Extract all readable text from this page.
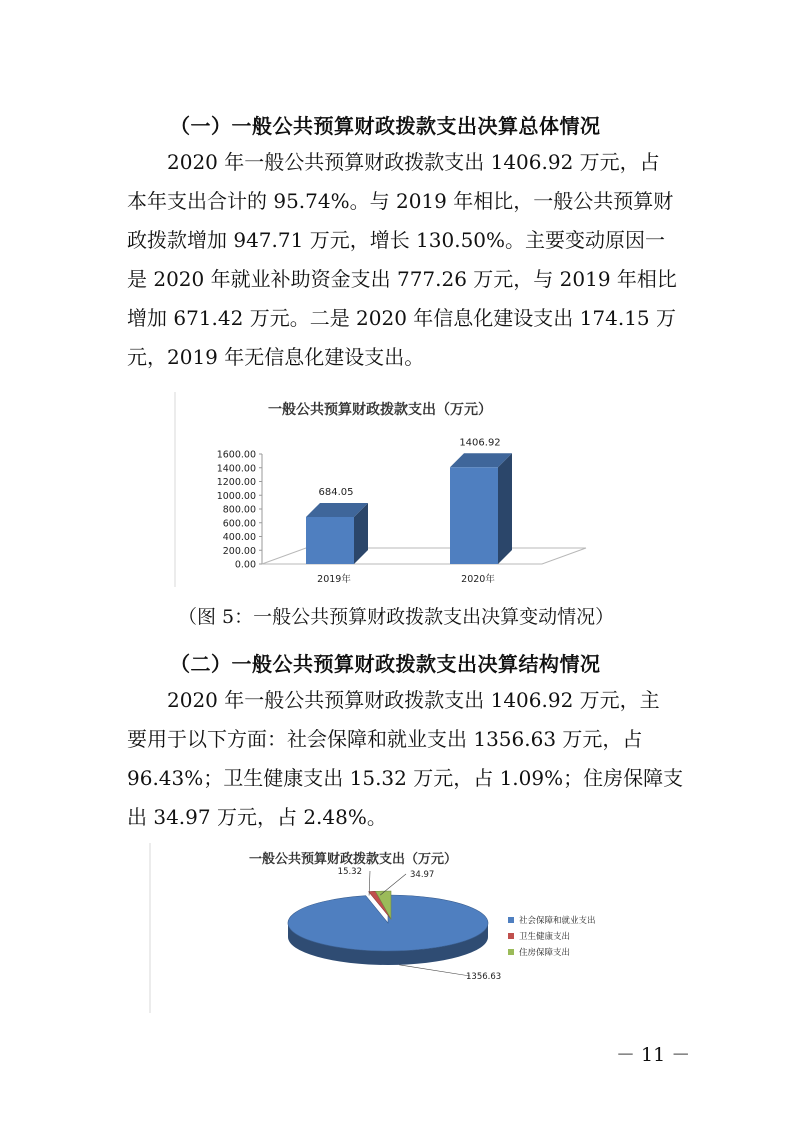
（一）一般公共预算财政拨款支出决算总体情况
　　2020 年一般公共预算财政拨款支出 1406.92 万元，占
本年支出合计的 95.74%。与 2019 年相比，一般公共预算财
政拨款增加 947.71 万元，增长 130.50%。主要变动原因一
是 2020 年就业补助资金支出 777.26 万元，与 2019 年相比
增加 671.42 万元。二是 2020 年信息化建设支出 174.15 万
元，2019 年无信息化建设支出。
一般公共预算财政拨款支出（万元）
0.00
200.00
400.00
600.00
800.00
1000.00
1200.00
1400.00
1600.00
684.05
2019年
1406.92
2020年
（图 5：一般公共预算财政拨款支出决算变动情况）
（二）一般公共预算财政拨款支出决算结构情况
　　2020 年一般公共预算财政拨款支出 1406.92 万元，主
要用于以下方面：社会保障和就业支出 1356.63 万元，占
96.43%；卫生健康支出 15.32 万元，占 1.09%；住房保障支
出 34.97 万元，占 2.48%。
一般公共预算财政拨款支出（万元）
1356.63
15.32	34.97
社会保障和就业支出
卫生健康支出
住房保障支出
－ 11 －
